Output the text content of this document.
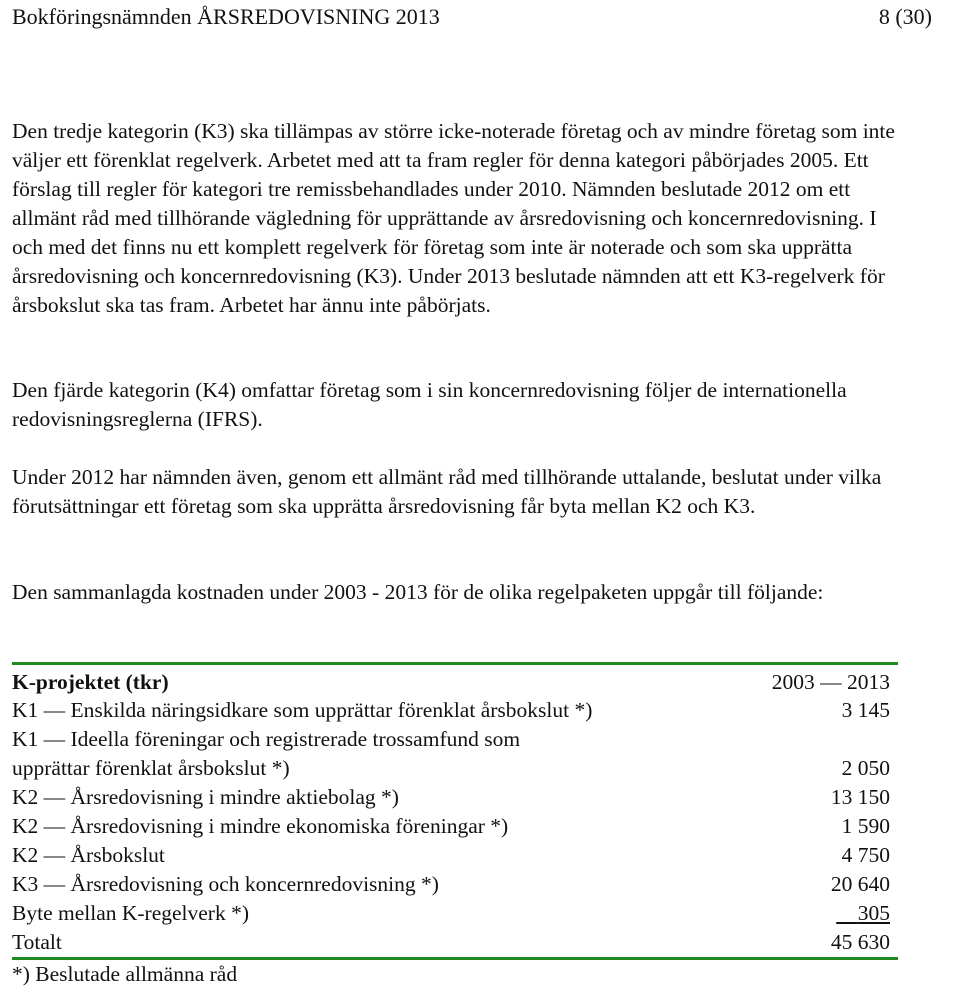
Bokföringsnämnden ÅRSREDOVISNING 2013	8 (30)

Den tredje kategorin (K3) ska tillämpas av större icke-noterade företag och av mindre företag som inte väljer ett förenklat regelverk. Arbetet med att ta fram regler för denna kategori påbörjades 2005. Ett förslag till regler för kategori tre remissbehandlades under 2010. Nämnden beslutade 2012 om ett allmänt råd med tillhörande vägledning för upprättande av årsredovisning och koncernredovisning. I och med det finns nu ett komplett regelverk för företag som inte är noterade och som ska upprätta årsredovisning och koncernredovisning (K3). Under 2013 beslutade nämnden att ett K3-regelverk för årsbokslut ska tas fram. Arbetet har ännu inte påbörjats.

Den fjärde kategorin (K4) omfattar företag som i sin koncernredovisning följer de internationella redovisningsreglerna (IFRS).

Under 2012 har nämnden även, genom ett allmänt råd med tillhörande uttalande, beslutat under vilka förutsättningar ett företag som ska upprätta årsredovisning får byta mellan K2 och K3.

Den sammanlagda kostnaden under 2003 - 2013 för de olika regelpaketen uppgår till följande:

K-projektet (tkr)	2003 — 2013
K1 — Enskilda näringsidkare som upprättar förenklat årsbokslut *)	3 145
K1 — Ideella föreningar och registrerade trossamfund som
upprättar förenklat årsbokslut *)	2 050
K2 — Årsredovisning i mindre aktiebolag *)	13 150
K2 — Årsredovisning i mindre ekonomiska föreningar *)	1 590
K2 — Årsbokslut	4 750
K3 — Årsredovisning och koncernredovisning *)	20 640
Byte mellan K-regelverk *)	305
Totalt	45 630
*) Beslutade allmänna råd
